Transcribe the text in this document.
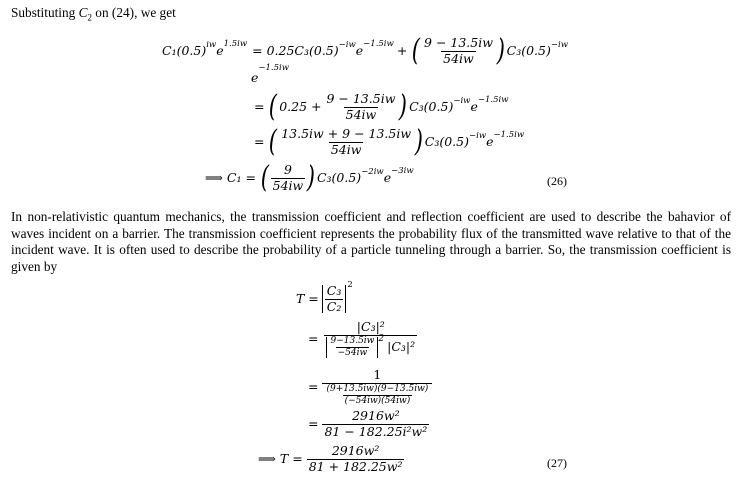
Substituting $C_2$ on (24), we get
$C_1(0.5)^{iw}$ $e^{1.5iw} = 0.25C_3(0.5)^{-iw}$ $e^{-1.5iw}$ + ( $\frac{9 - 13.5iw}{54iw}$ ) $C_3(0.5)^{-iw}$
$e^{-1.5iw}$
= ( $0.25 + \frac{9 - 13.5iw}{54iw}$ ) $C_3(0.5)^{-iw}$ $e^{-1.5iw}$
= ( $\frac{13.5iw + 9 - 13.5iw}{54iw}$ ) $C_3(0.5)^{-iw}$ $e^{-1.5iw}$
⟹ C₁ = ( $\frac{9}{54iw}$ ) $C_3(0.5)^{-2iw}$ $e^{-3iw}$
(26)
In non-relativistic quantum mechanics, the transmission coefficient and reflection coefficient are used to describe the bahavior of waves incident on a barrier. The transmission coefficient represents the probability flux of the transmitted wave relative to that of the incident wave. It is often used to describe the probability of a particle tunneling through a barrier. So, the transmission coefficient is given by
$T = \frac{\text{C₃}}{\text{C₂}}$
$^2$
= |C₃|²
$\frac{9-13.5iw}{-54iw}^2$
|C₃|²
= $\frac{1}{\frac{(9+13.5iw)(9-13.5iw)}{(-54iw)(54iw)}}$
= $\frac{\text{2916w²}}{\text{81 − 182.25i²w²}}$
⟹ $T = \frac{\text{2916w²}}{\text{81 + 182.25w²}}$	(27)
